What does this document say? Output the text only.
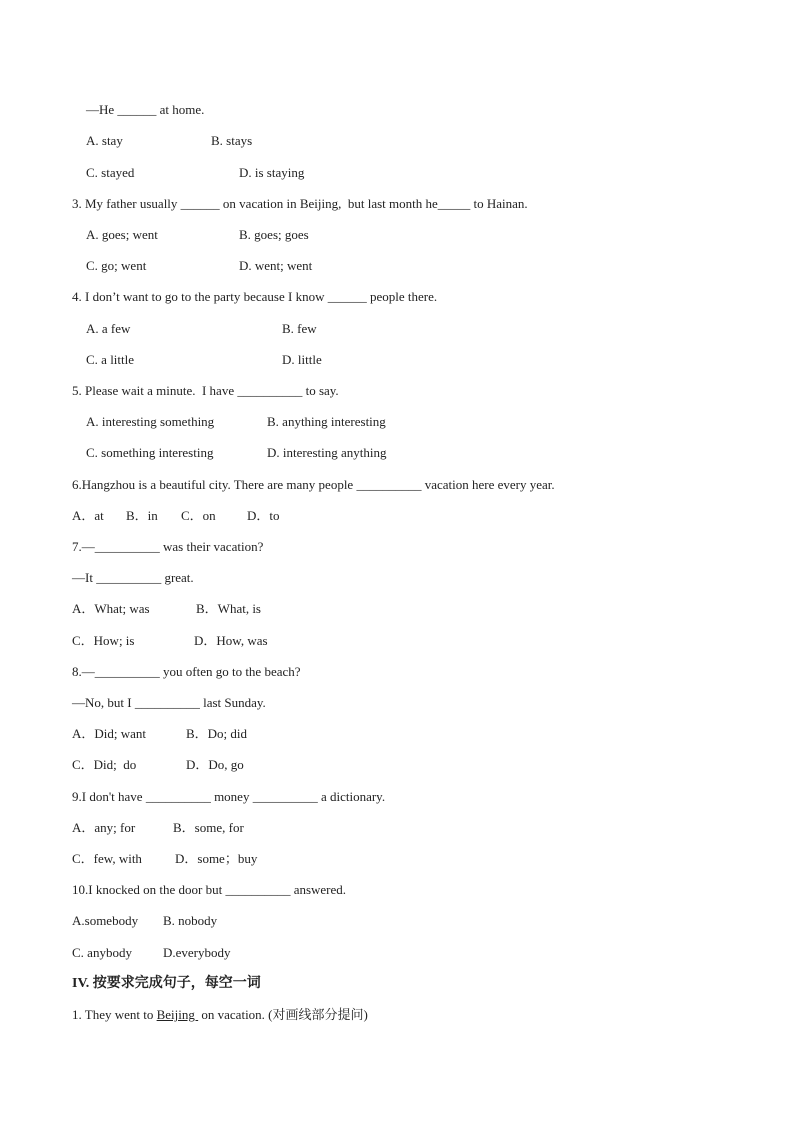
—He ______ at home.
A. stay	B. stays
C. stayed	D. is staying
3. My father usually ______ on vacation in Beijing,  but last month he_____ to Hainan.
A. goes; went	B. goes; goes
C. go; went	D. went; went
4. I don’t want to go to the party because I know ______ people there.
A. a few	B. few
C. a little	D. little
5. Please wait a minute.  I have __________ to say.
A. interesting something	B. anything interesting
C. something interesting	D. interesting anything
6.Hangzhou is a beautiful city. There are many people __________ vacation here every year.
A．at B．in C．on D．to
7.—__________ was their vacation?
—It __________ great.
A．What; was	B．What, is
C．How; is	D．How, was
8.—__________ you often go to the beach?
—No, but I __________ last Sunday.
A．Did; want	B．Do; did
C．Did;  do	D．Do, go
9.I don't have __________ money __________ a dictionary.
A．any; for	B．some, for
C．few, with	D．some；buy
10.I knocked on the door but __________ answered.
A.somebody B. nobody
C. anybody D.everybody
IV. 按要求完成句子，每空一词
1. They went to Beijing  on vacation. (对画线部分提问)
